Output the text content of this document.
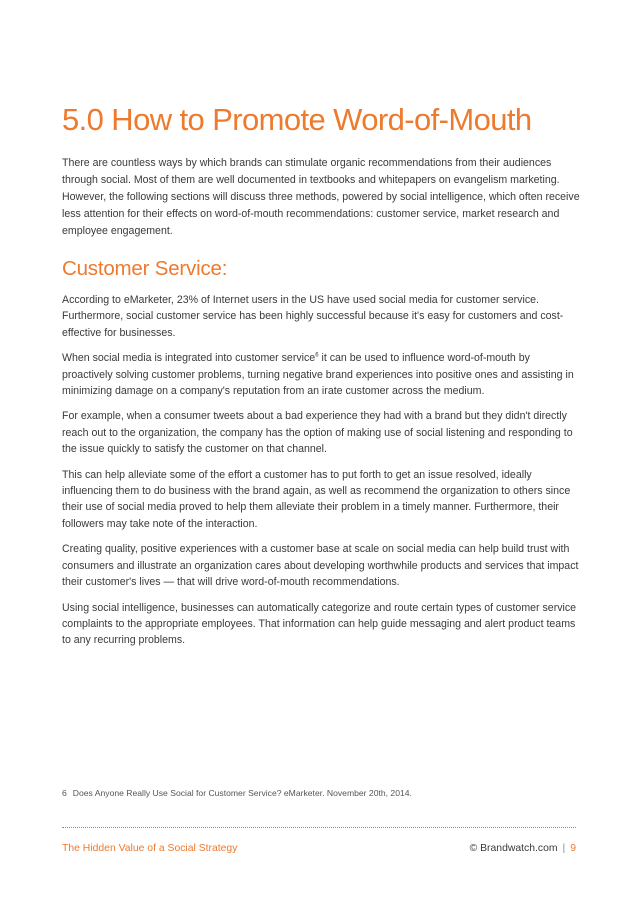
5.0 How to Promote Word-of-Mouth

There are countless ways by which brands can stimulate organic recommendations from their audiences through social. Most of them are well documented in textbooks and whitepapers on evangelism marketing. However, the following sections will discuss three methods, powered by social intelligence, which often receive less attention for their effects on word-of-mouth recommendations: customer service, market research and employee engagement.

Customer Service:

According to eMarketer, 23% of Internet users in the US have used social media for customer service. Furthermore, social customer service has been highly successful because it's easy for customers and cost-effective for businesses.

When social media is integrated into customer service$^6$ it can be used to influence word-of-mouth by proactively solving customer problems, turning negative brand experiences into positive ones and assisting in minimizing damage on a company's reputation from an irate customer across the medium.

For example, when a consumer tweets about a bad experience they had with a brand but they didn't directly reach out to the organization, the company has the option of making use of social listening and responding to the issue quickly to satisfy the customer on that channel.

This can help alleviate some of the effort a customer has to put forth to get an issue resolved, ideally influencing them to do business with the brand again, as well as recommend the organization to others since their use of social media proved to help them alleviate their problem in a timely manner. Furthermore, their followers may take note of the interaction.

Creating quality, positive experiences with a customer base at scale on social media can help build trust with consumers and illustrate an organization cares about developing worthwhile products and services that impact their customer's lives — that will drive word-of-mouth recommendations.

Using social intelligence, businesses can automatically categorize and route certain types of customer service complaints to the appropriate employees. That information can help guide messaging and alert product teams to any recurring problems.

6 Does Anyone Really Use Social for Customer Service? eMarketer. November 20th, 2014.
The Hidden Value of a Social Strategy	© Brandwatch.com | 9
